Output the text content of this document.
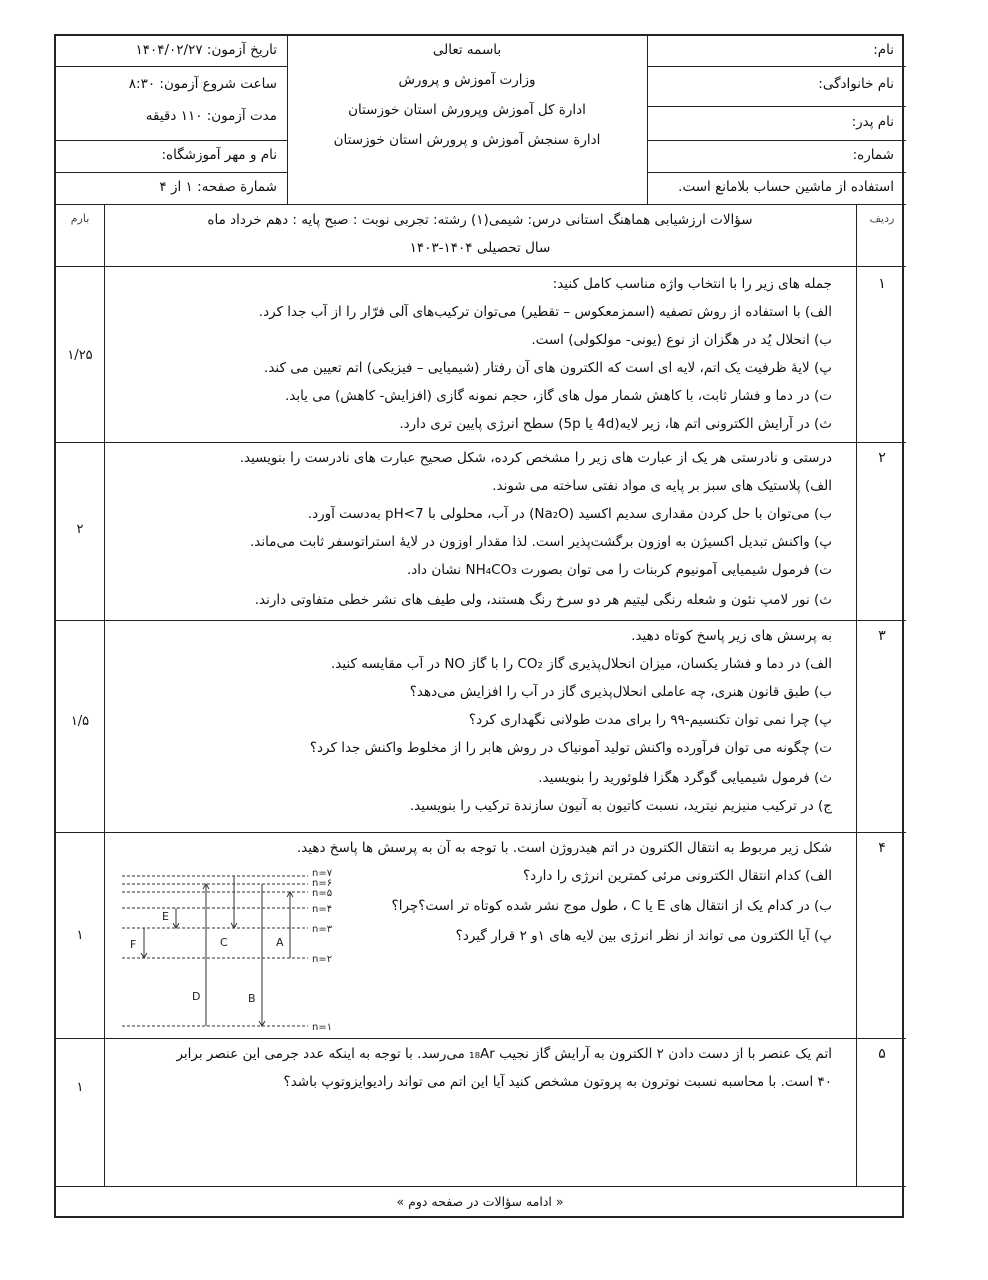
نام:
نام خانوادگی:
نام پدر:
شماره:
استفاده از ماشین حساب بلامانع است.
باسمه تعالی
وزارت آموزش و پرورش
ادارة کل آموزش وپرورش استان خوزستان
ادارة سنجش آموزش و پرورش استان خوزستان
تاریخ آزمون: ۱۴۰۴/۰۲/۲۷
ساعت شروع آزمون: ۸:۳۰
مدت آزمون: ۱۱۰ دقیقه
نام و مهر آموزشگاه:
شمارة صفحه: ۱ از ۴
ردیف
بارم	سؤالات ارزشیابی هماهنگ استانی درس: شیمی(۱) رشته: تجربی نوبت : صبح پایه : دهم خرداد ماه
سال تحصیلی ۱۴۰۴-۱۴۰۳
۱
۱/۲۵
جمله های زیر را با انتخاب واژه مناسب کامل کنید:
الف) با استفاده از روش تصفیه (اسمزمعکوس – تقطیر) می‌توان ترکیب‌های آلی فرّار را از آب جدا کرد.
ب) انحلال یُد در هگزان از نوع (یونی- مولکولی) است.
پ) لایۀ ظرفیت یک اتم، لایه ای است که الکترون های آن رفتار (شیمیایی – فیزیکی) اتم تعیین می کند.
ت) در دما و فشار ثابت، با کاهش شمار مول های گاز، حجم نمونه گازی (افزایش- کاهش) می یابد.
ث) در آرایش الکترونی اتم ها، زیر لایه(4d یا 5p) سطح انرژی پایین تری دارد.
۲
۲
درستی و نادرستی هر یک از عبارت های زیر را مشخص کرده، شکل صحیح عبارت های نادرست را بنویسید.
الف) پلاستیک های سبز بر پایه ی مواد نفتی ساخته می شوند.
ب) می‌توان با حل کردن مقداری سدیم اکسید (Na₂O) در آب، محلولی با pH<7 به‌دست آورد.
پ) واکنش تبدیل اکسیژن به اوزون برگشت‌پذیر است. لذا مقدار اوزون در لایۀ استراتوسفر ثابت می‌ماند.
ت) فرمول شیمیایی آمونیوم کربنات را می توان بصورت NH₄CO₃ نشان داد.
ث) نور لامپ نئون و شعله رنگی لیتیم هر دو سرخ رنگ هستند، ولی طیف های نشر خطی متفاوتی دارند.
۳
۱/۵
به پرسش های زیر پاسخ کوتاه دهید.
الف) در دما و فشار یکسان، میزان انحلال‌پذیری گاز CO₂ را با گاز NO در آب مقایسه کنید.
ب) طبق قانون هنری، چه عاملی انحلال‌پذیری گاز در آب را افزایش می‌دهد؟
پ) چرا نمی توان تکنسیم-۹۹ را برای مدت طولانی نگهداری کرد؟
ت) چگونه می توان فرآورده واکنش تولید آمونیاک در روش هابر را از مخلوط واکنش جدا کرد؟
ث) فرمول شیمیایی گوگرد هگزا فلوئورید را بنویسید.
ج) در ترکیب منیزیم نیترید، نسبت کاتیون به آنیون سازندة ترکیب را بنویسید.
۴
۱
شکل زیر مربوط به انتقال الکترون در اتم هیدروژن است. با توجه به آن به پرسش ها پاسخ دهید.
الف) کدام انتقال الکترونی مرئی کمترین انرژی را دارد؟
ب) در کدام یک از انتقال های E یا C ، طول موج نشر شده کوتاه تر است؟چرا؟
پ) آیا الکترون می تواند از نظر انرژی بین لایه های ۱و ۲ قرار گیرد؟
F
E
D
C
B
A
n=۷
n=۶
n=۵
n=۴
n=۳
n=۲
n=۱
۵
۱
اتم یک عنصر با از دست دادن ۲ الکترون به آرایش گاز نجیب ₁₈Ar می‌رسد. با توجه به اینکه عدد جرمی این عنصر برابر
۴۰ است. با محاسبه نسبت نوترون به پروتون مشخص کنید آیا این اتم می تواند رادیوایزوتوپ باشد؟
« ادامه سؤالات در صفحه دوم »
